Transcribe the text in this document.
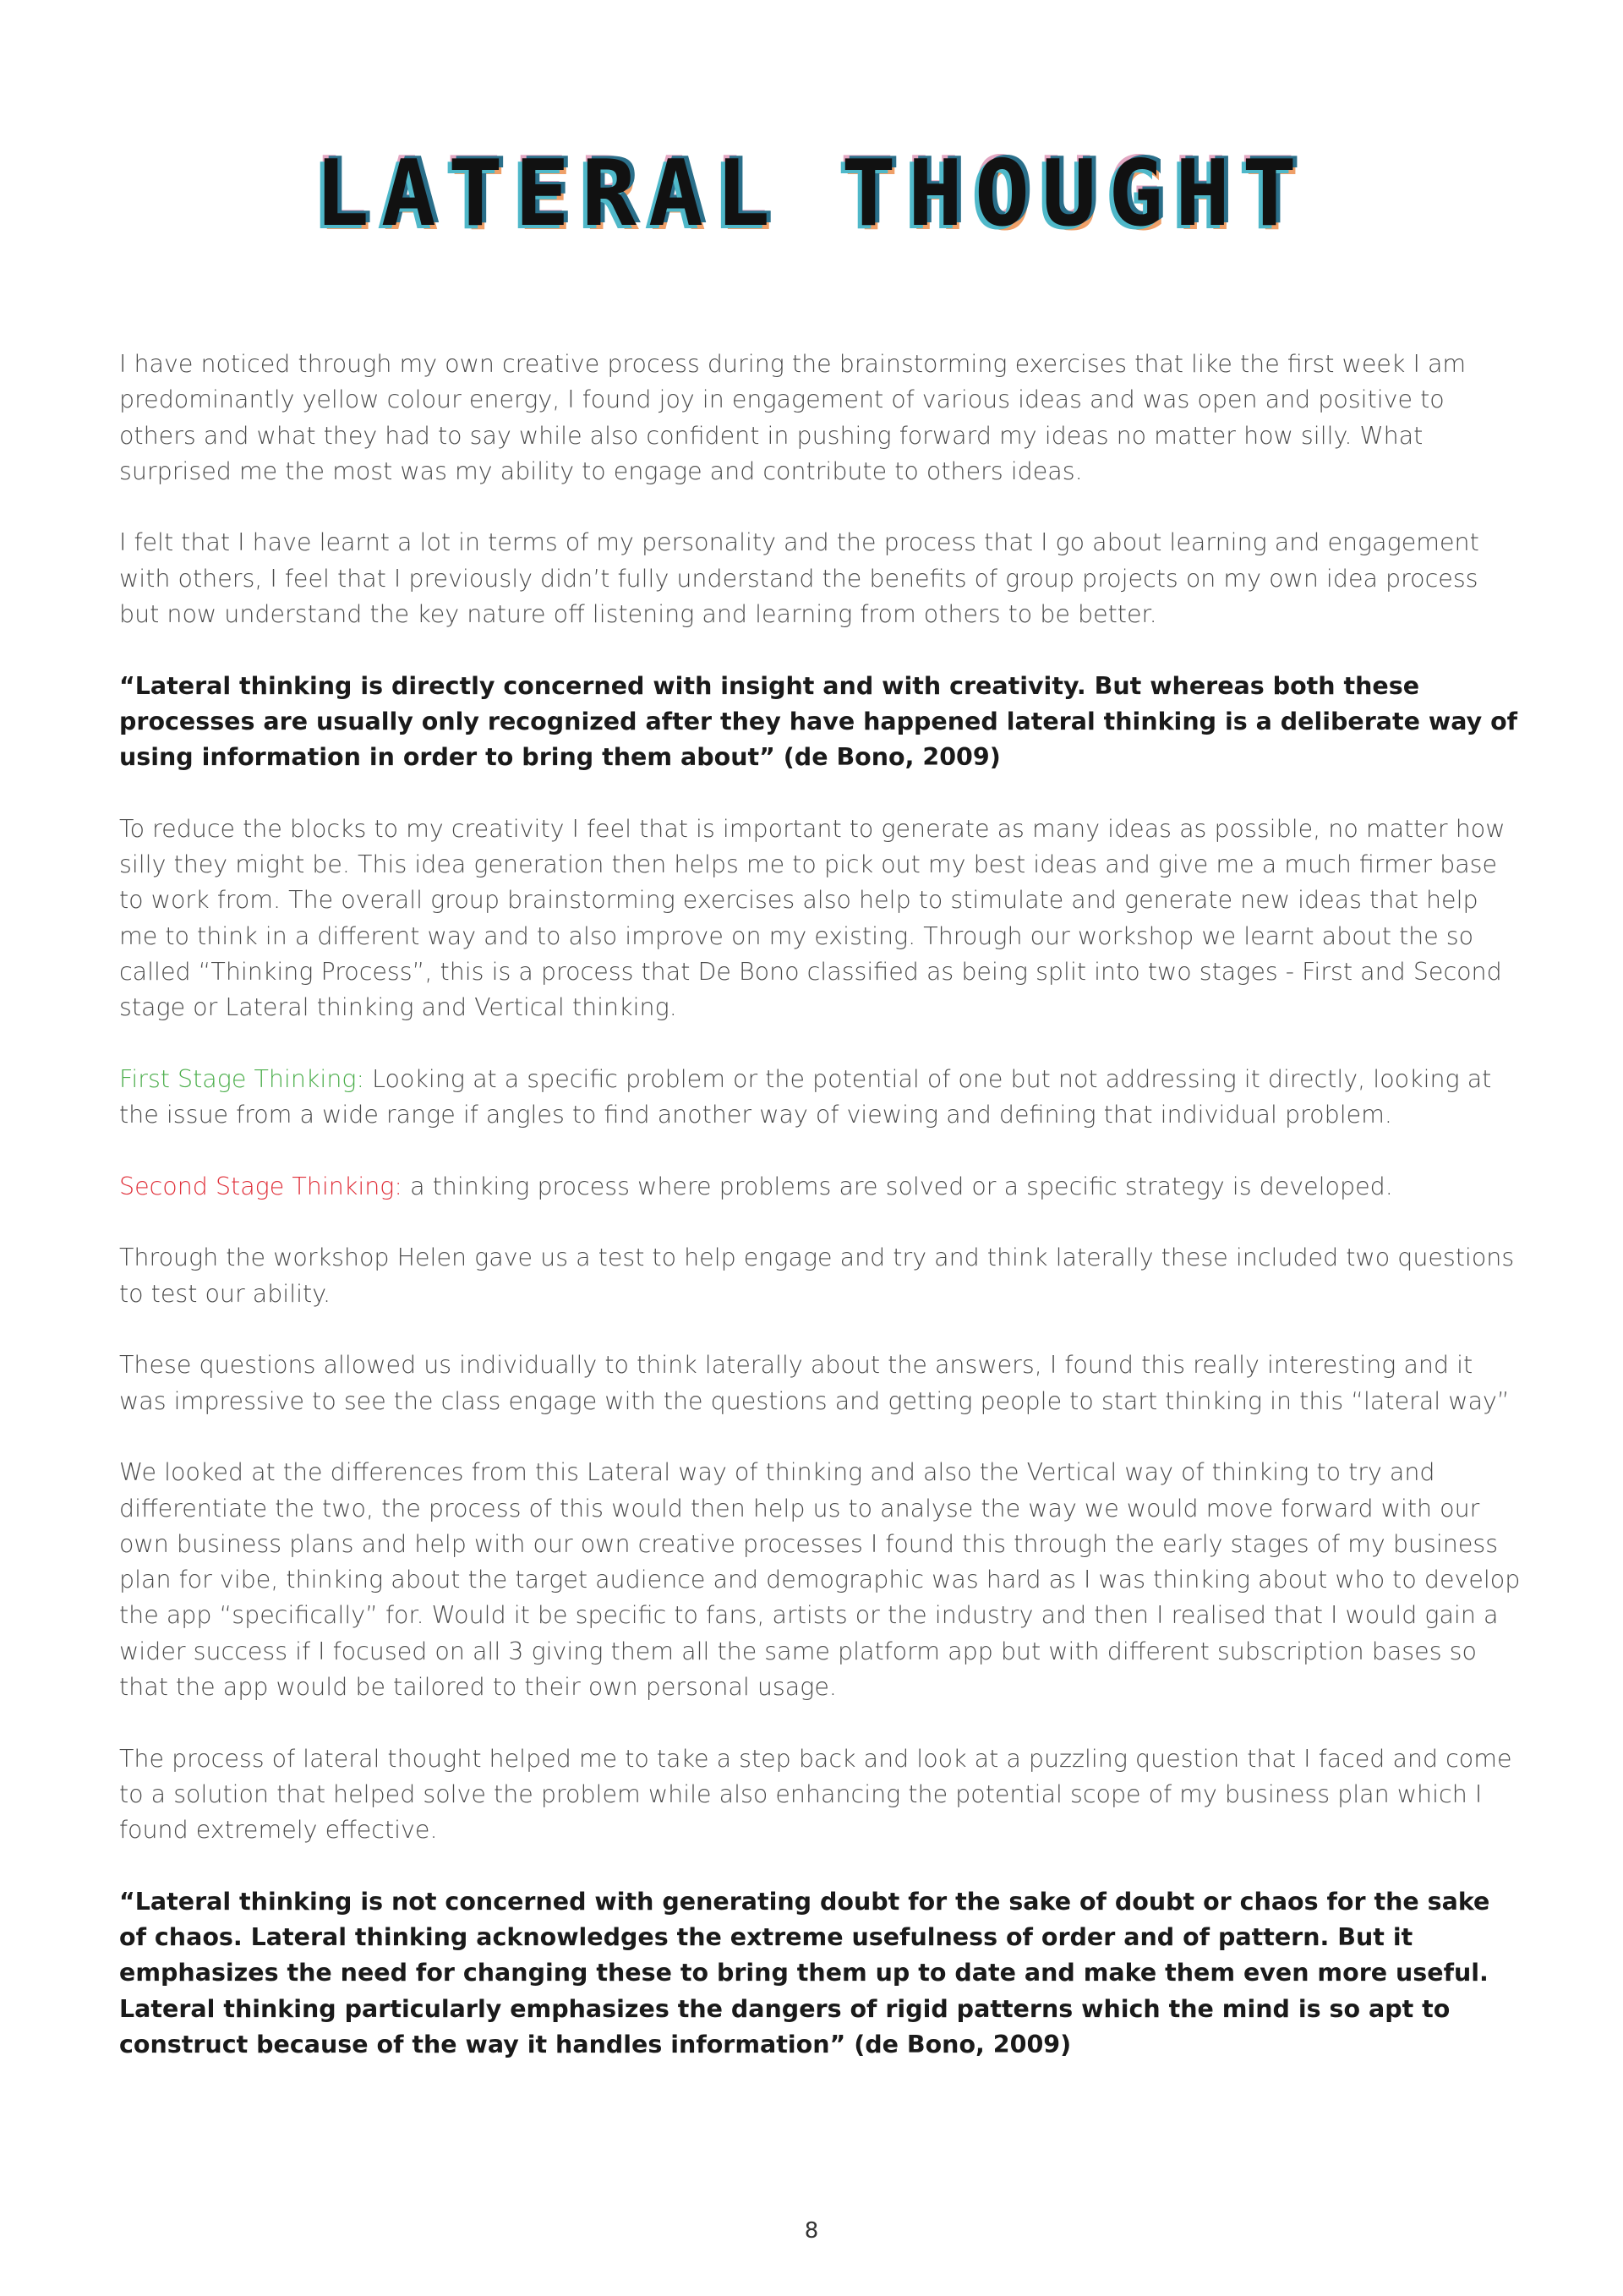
LATERAL THOUGHT

I have noticed through my own creative process during the brainstorming exercises that like the first week I am predominantly yellow colour energy, I found joy in engagement of various ideas and was open and positive to others and what they had to say while also confident in pushing forward my ideas no matter how silly. What surprised me the most was my ability to engage and contribute to others ideas.

I felt that I have learnt a lot in terms of my personality and the process that I go about learning and engagement with others, I feel that I previously didn’t fully understand the benefits of group projects on my own idea process but now understand the key nature off listening and learning from others to be better.

“Lateral thinking is directly concerned with insight and with creativity. But whereas both these processes are usually only recognized after they have happened lateral thinking is a deliberate way of using information in order to bring them about” (de Bono, 2009)

To reduce the blocks to my creativity I feel that is important to generate as many ideas as possible, no matter how silly they might be. This idea generation then helps me to pick out my best ideas and give me a much firmer base to work from. The overall group brainstorming exercises also help to stimulate and generate new ideas that help me to think in a different way and to also improve on my existing. Through our workshop we learnt about the so called “Thinking Process”, this is a process that De Bono classified as being split into two stages - First and Second stage or Lateral thinking and Vertical thinking.

First Stage Thinking: Looking at a specific problem or the potential of one but not addressing it directly, looking at the issue from a wide range if angles to find another way of viewing and defining that individual problem.

Second Stage Thinking: a thinking process where problems are solved or a specific strategy is developed.

Through the workshop Helen gave us a test to help engage and try and think laterally these included two questions to test our ability.

These questions allowed us individually to think laterally about the answers, I found this really interesting and it was impressive to see the class engage with the questions and getting people to start thinking in this “lateral way”

We looked at the differences from this Lateral way of thinking and also the Vertical way of thinking to try and differentiate the two, the process of this would then help us to analyse the way we would move forward with our own business plans and help with our own creative processes I found this through the early stages of my business plan for vibe, thinking about the target audience and demographic was hard as I was thinking about who to develop the app “specifically” for. Would it be specific to fans, artists or the industry and then I realised that I would gain a wider success if I focused on all 3 giving them all the same platform app but with different subscription bases so that the app would be tailored to their own personal usage.

The process of lateral thought helped me to take a step back and look at a puzzling question that I faced and come to a solution that helped solve the problem while also enhancing the potential scope of my business plan which I found extremely effective.

“Lateral thinking is not concerned with generating doubt for the sake of doubt or chaos for the sake of chaos. Lateral thinking acknowledges the extreme usefulness of order and of pattern. But it emphasizes the need for changing these to bring them up to date and make them even more useful. Lateral thinking particularly emphasizes the dangers of rigid patterns which the mind is so apt to construct because of the way it handles information” (de Bono, 2009)

8
